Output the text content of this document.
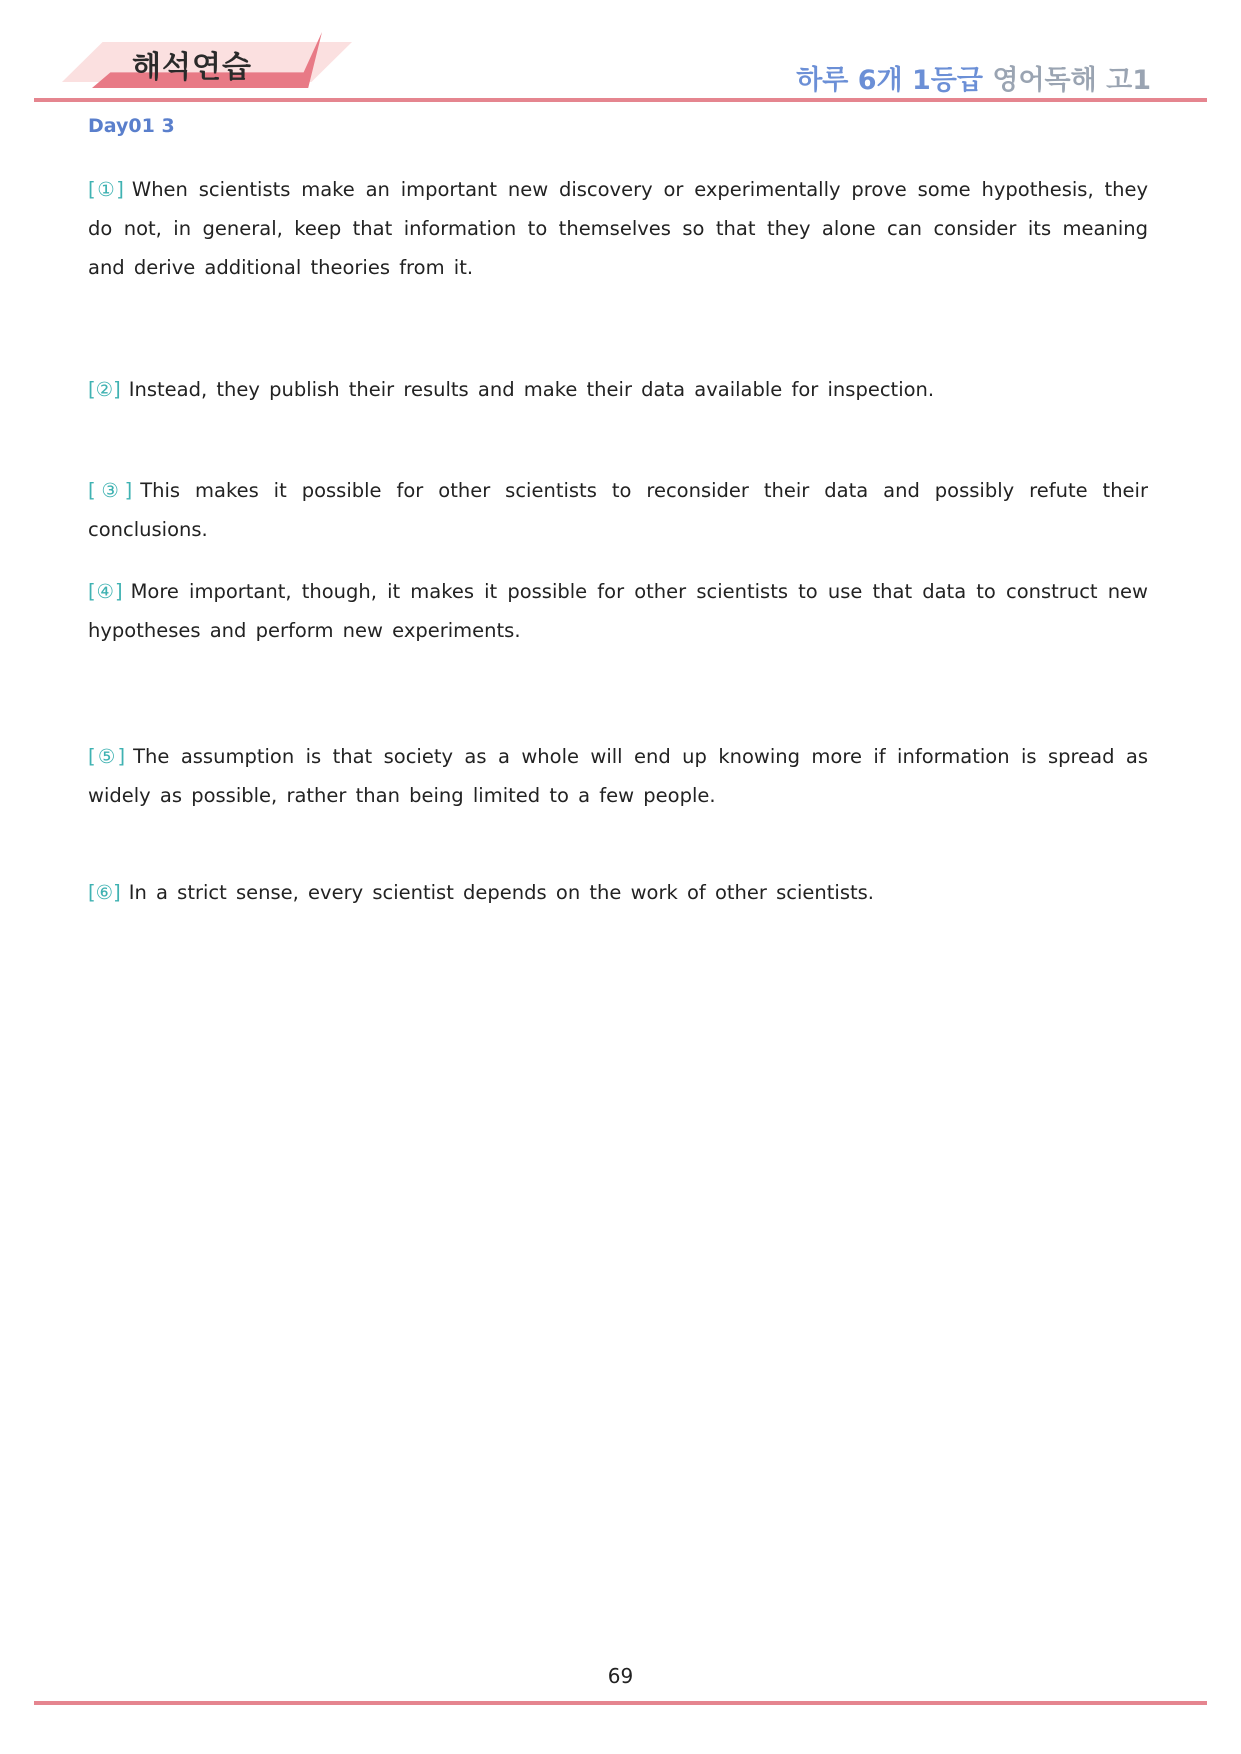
해석연습	하루 6개 1등급 영어독해 고1
Day01 3
[①] When scientists make an important new discovery or experimentally prove some hypothesis, they do not, in general, keep that information to themselves so that they alone can consider its meaning and derive additional theories from it.
[②] Instead, they publish their results and make their data available for inspection.
[③] This makes it possible for other scientists to reconsider their data and possibly refute their conclusions.
[④] More important, though, it makes it possible for other scientists to use that data to construct new hypotheses and perform new experiments.
[⑤] The assumption is that society as a whole will end up knowing more if information is spread as widely as possible, rather than being limited to a few people.
[⑥] In a strict sense, every scientist depends on the work of other scientists.
69
